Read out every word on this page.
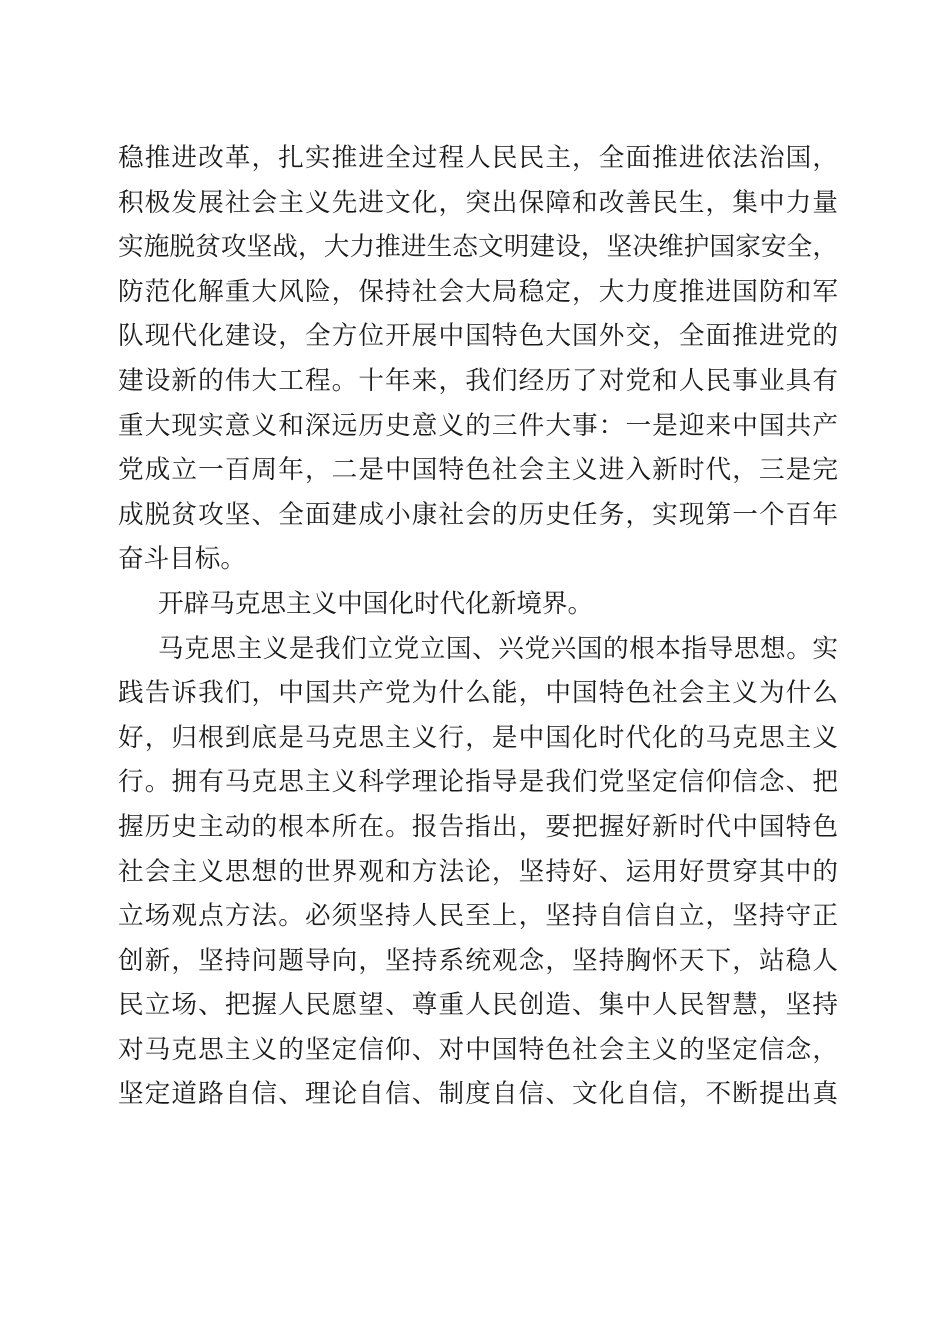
稳推进改革，扎实推进全过程人民民主，全面推进依法治国，
积极发展社会主义先进文化，突出保障和改善民生，集中力量
实施脱贫攻坚战，大力推进生态文明建设，坚决维护国家安全，
防范化解重大风险，保持社会大局稳定，大力度推进国防和军
队现代化建设，全方位开展中国特色大国外交，全面推进党的
建设新的伟大工程。十年来，我们经历了对党和人民事业具有
重大现实意义和深远历史意义的三件大事：一是迎来中国共产
党成立一百周年，二是中国特色社会主义进入新时代，三是完
成脱贫攻坚、全面建成小康社会的历史任务，实现第一个百年
奋斗目标。
开辟马克思主义中国化时代化新境界。
马克思主义是我们立党立国、兴党兴国的根本指导思想。实
践告诉我们，中国共产党为什么能，中国特色社会主义为什么
好，归根到底是马克思主义行，是中国化时代化的马克思主义
行。拥有马克思主义科学理论指导是我们党坚定信仰信念、把
握历史主动的根本所在。报告指出，要把握好新时代中国特色
社会主义思想的世界观和方法论，坚持好、运用好贯穿其中的
立场观点方法。必须坚持人民至上，坚持自信自立，坚持守正
创新，坚持问题导向，坚持系统观念，坚持胸怀天下，站稳人
民立场、把握人民愿望、尊重人民创造、集中人民智慧，坚持
对马克思主义的坚定信仰、对中国特色社会主义的坚定信念，
坚定道路自信、理论自信、制度自信、文化自信，不断提出真
